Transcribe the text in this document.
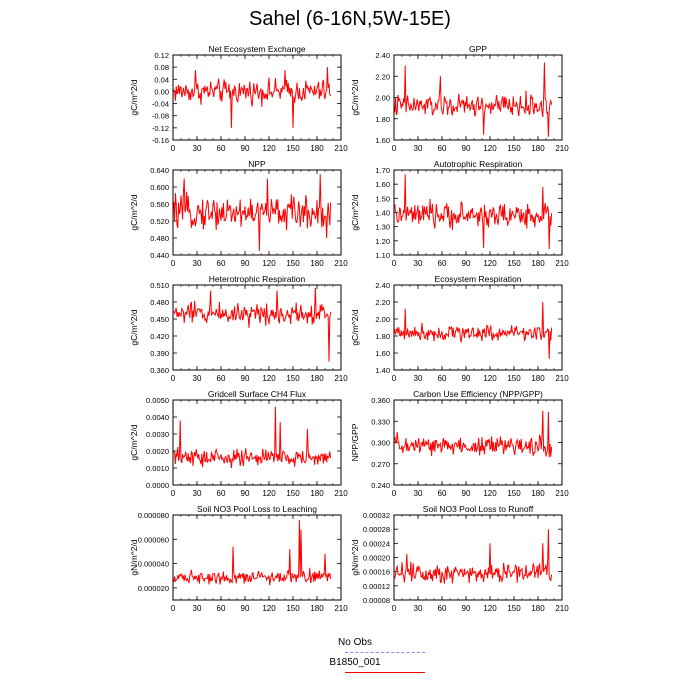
Sahel (6-16N,5W-15E)
Net Ecosystem Exchange
gC/m^2/d
0 30 60 90 120 150 180 210
0.12
0.08
0.04
0.00
-0.04
-0.08
-0.12
-0.16
GPP
gC/m^2/d
0 30 60 90 120 150 180 210
2.40
2.20
2.00
1.80
1.60
NPP
gC/m^2/d
0 30 60 90 120 150 180 210
0.640
0.600
0.560
0.520
0.480
0.440
Autotrophic Respiration
gC/m^2/d
0 30 60 90 120 150 180 210
1.70
1.60
1.50
1.40
1.30
1.20
1.10
Heterotrophic Respiration
gC/m^2/d
0 30 60 90 120 150 180 210
0.510
0.480
0.450
0.420
0.390
0.360
Ecosystem Respiration
gC/m^2/d
0 30 60 90 120 150 180 210
2.40
2.20
2.00
1.80
1.60
1.40
Gridcell Surface CH4 Flux
gC/m^2/d
0 30 60 90 120 150 180 210
0.0050
0.0040
0.0030
0.0020
0.0010
0.0000
Carbon Use Efficiency (NPP/GPP)
NPP/GPP
0 30 60 90 120 150 180 210
0.360
0.330
0.300
0.270
0.240
Soil NO3 Pool Loss to Leaching
gN/m^2/d
0 30 60 90 120 150 180 210
0.000080
0.000060
0.000040
0.000020
Soil NO3 Pool Loss to Runoff
gN/m^2/d
0 30 60 90 120 150 180 210
0.00032
0.00028
0.00024
0.00020
0.00016
0.00012
0.00008
No Obs
B1850_001
